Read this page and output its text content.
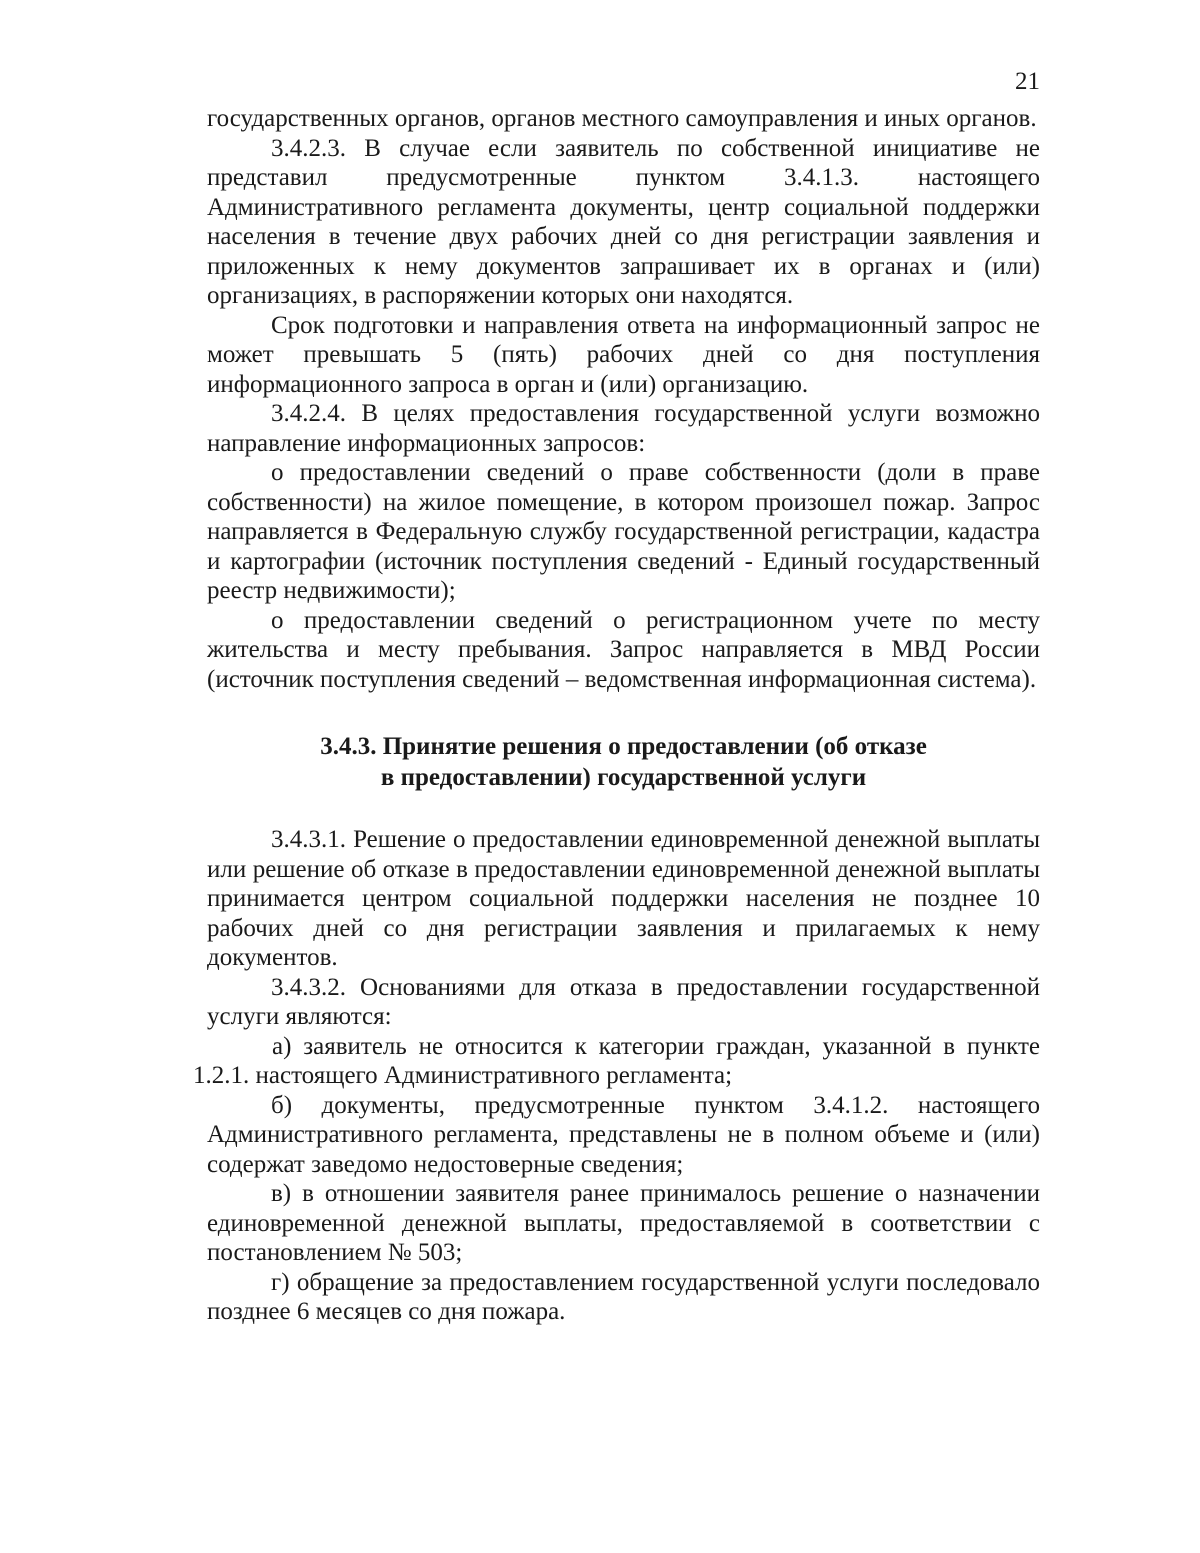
21

государственных органов, органов местного самоуправления и иных органов.

3.4.2.3. В случае если заявитель по собственной инициативе не представил предусмотренные пунктом 3.4.1.3. настоящего Административного регламента документы, центр социальной поддержки населения в течение двух рабочих дней со дня регистрации заявления и приложенных к нему документов запрашивает их в органах и (или) организациях, в распоряжении которых они находятся.

Срок подготовки и направления ответа на информационный запрос не может превышать 5 (пять) рабочих дней со дня поступления информационного запроса в орган и (или) организацию.

3.4.2.4. В целях предоставления государственной услуги возможно направление информационных запросов:

о предоставлении сведений о праве собственности (доли в праве собственности) на жилое помещение, в котором произошел пожар. Запрос направляется в Федеральную службу государственной регистрации, кадастра и картографии (источник поступления сведений - Единый государственный реестр недвижимости);

о предоставлении сведений о регистрационном учете по месту жительства и месту пребывания. Запрос направляется в МВД России (источник поступления сведений – ведомственная информационная система).

3.4.3. Принятие решения о предоставлении (об отказе
в предоставлении) государственной услуги

3.4.3.1. Решение о предоставлении единовременной денежной выплаты или решение об отказе в предоставлении единовременной денежной выплаты принимается центром социальной поддержки населения не позднее 10 рабочих дней со дня регистрации заявления и прилагаемых к нему документов.

3.4.3.2. Основаниями для отказа в предоставлении государственной услуги являются:

а) заявитель не относится к категории граждан, указанной в пункте 1.2.1. настоящего Административного регламента;

б) документы, предусмотренные пунктом 3.4.1.2. настоящего Административного регламента, представлены не в полном объеме и (или) содержат заведомо недостоверные сведения;

в) в отношении заявителя ранее принималось решение о назначении единовременной денежной выплаты, предоставляемой в соответствии с постановлением № 503;

г) обращение за предоставлением государственной услуги последовало позднее 6 месяцев со дня пожара.
